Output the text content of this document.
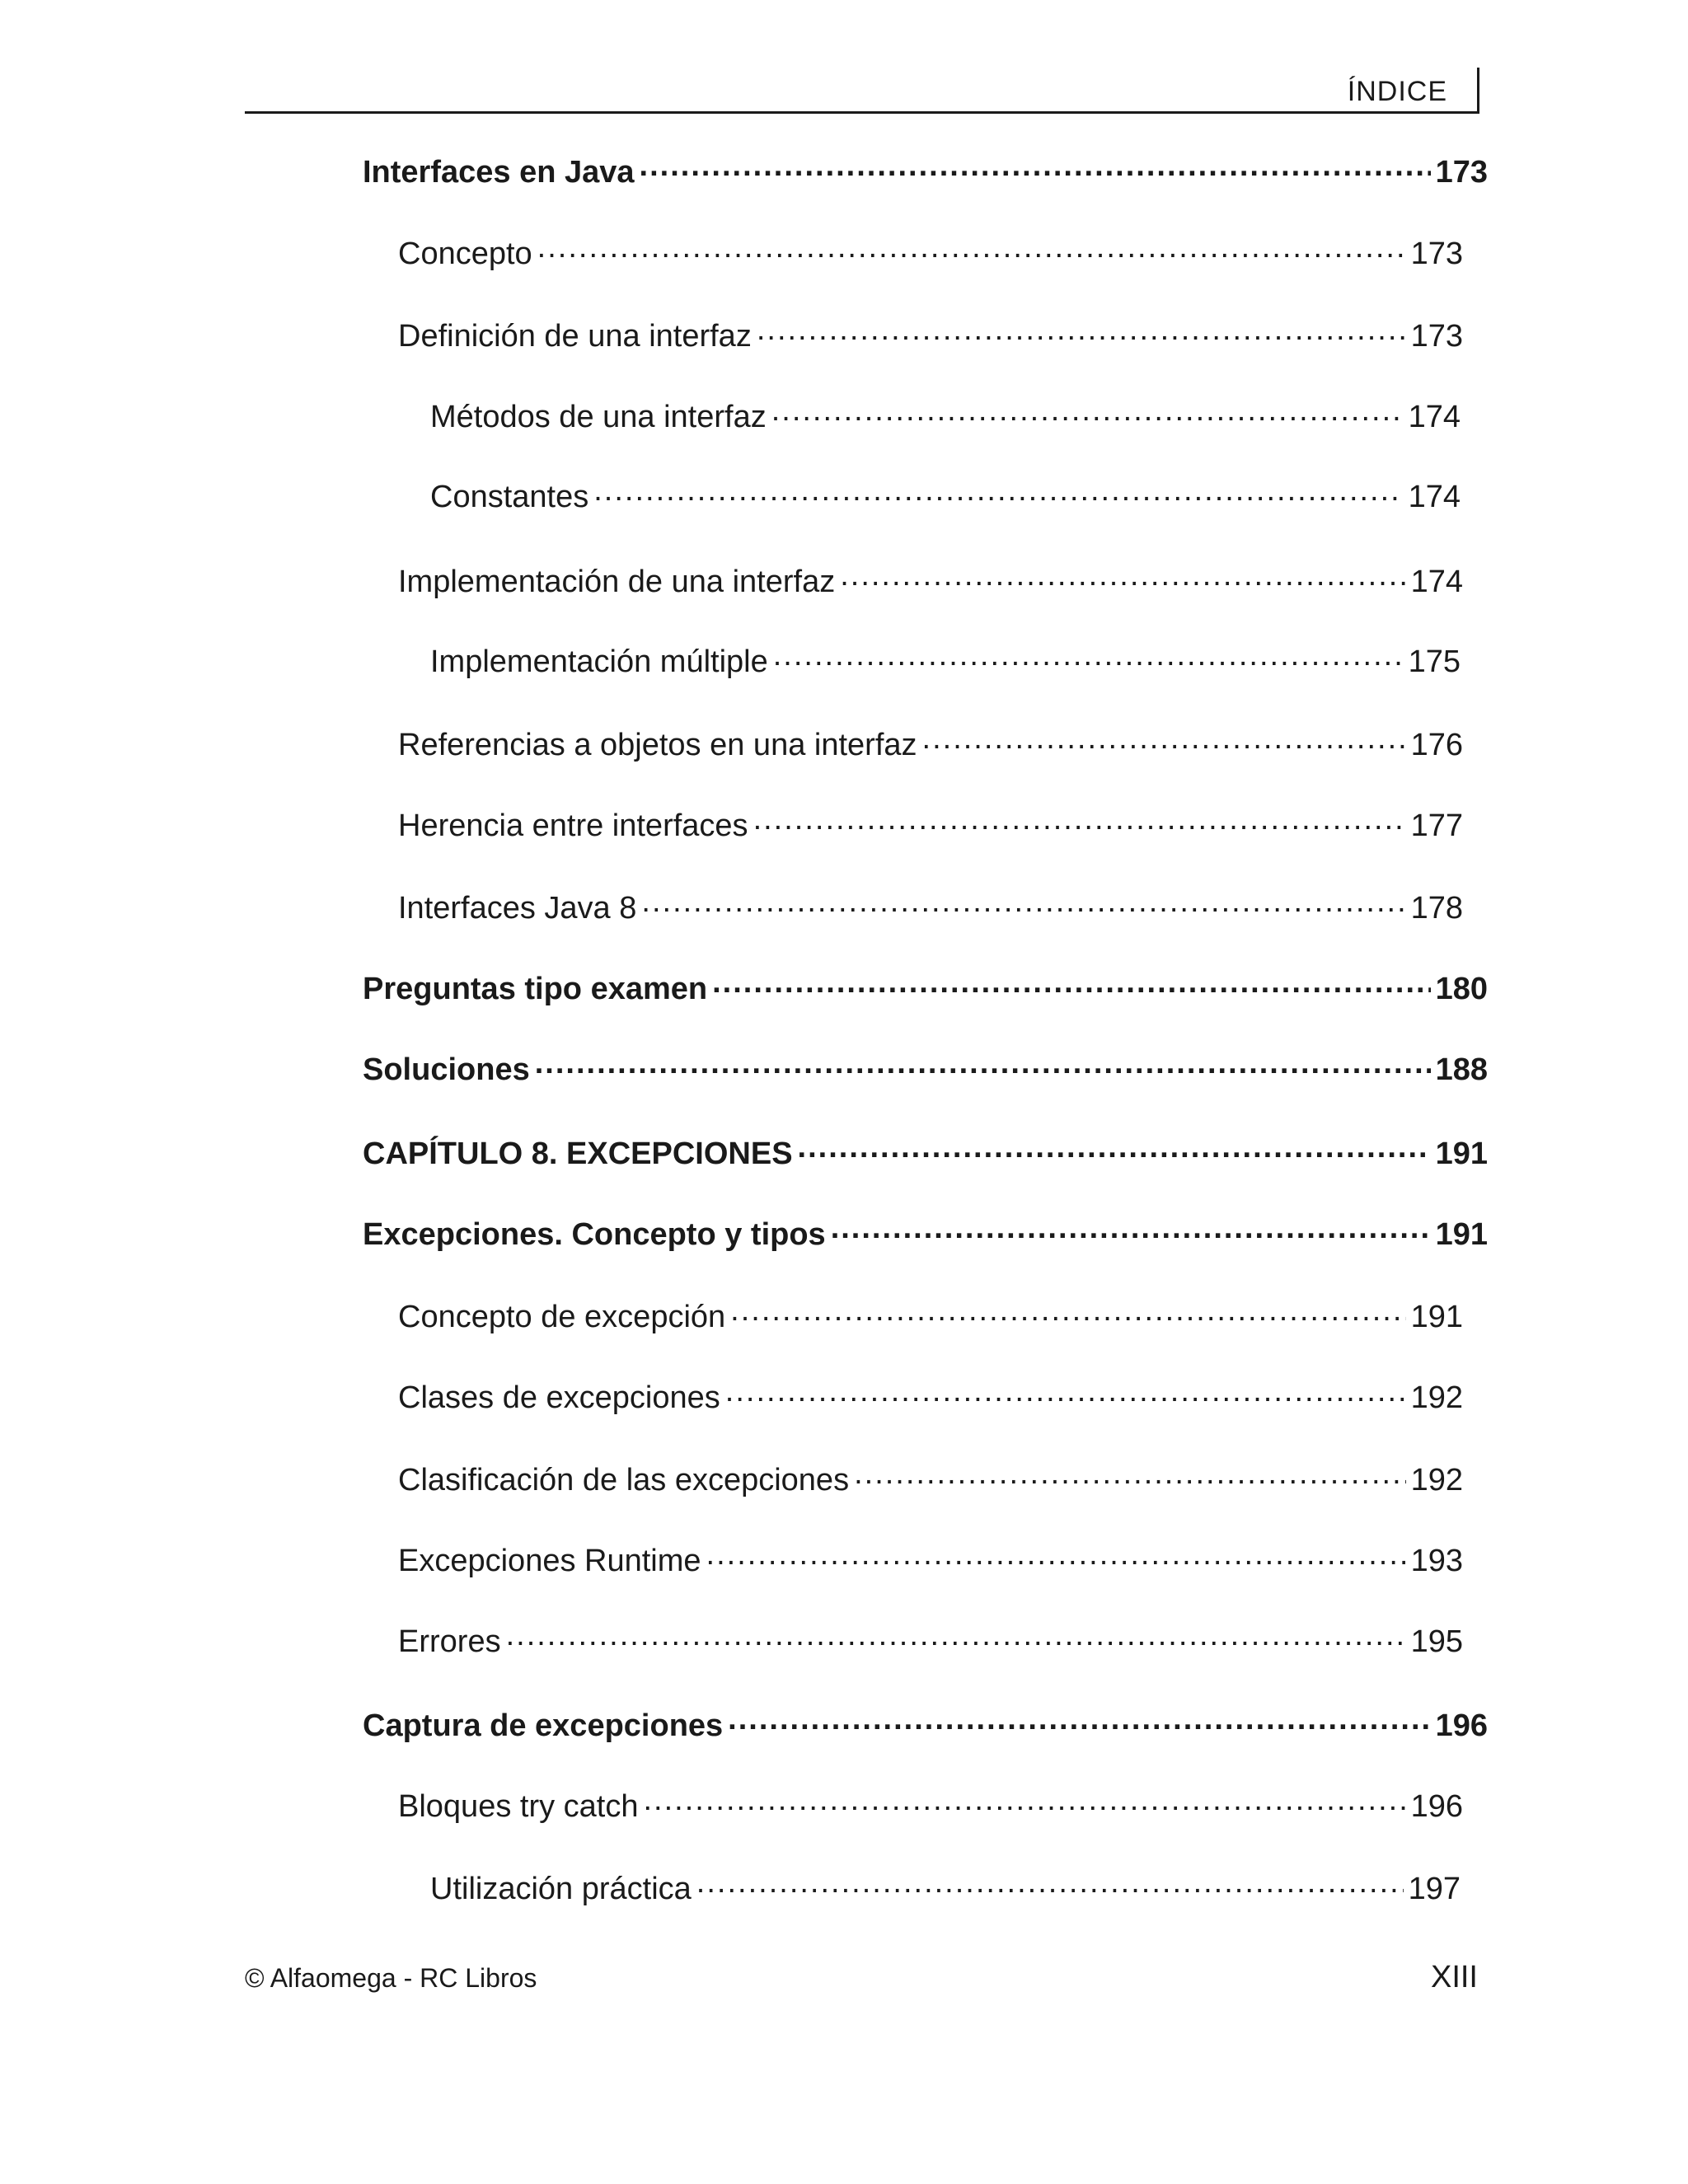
ÍNDICE
Interfaces en Java .....	173
Concepto .....	173
Definición de una interfaz .....	173
Métodos de una interfaz .....	174
Constantes .....	174
Implementación de una interfaz .....	174
Implementación múltiple .....	175
Referencias a objetos en una interfaz .....	176
Herencia entre interfaces .....	177
Interfaces Java 8 .....	178
Preguntas tipo examen .....	180
Soluciones .....	188
CAPÍTULO 8. EXCEPCIONES .....	191
Excepciones. Concepto y tipos .....	191
Concepto de excepción .....	191
Clases de excepciones .....	192
Clasificación de las excepciones .....	192
Excepciones Runtime .....	193
Errores .....	195
Captura de excepciones .....	196
Bloques try catch .....	196
Utilización práctica .....	197
© Alfaomega - RC Libros	XIII
